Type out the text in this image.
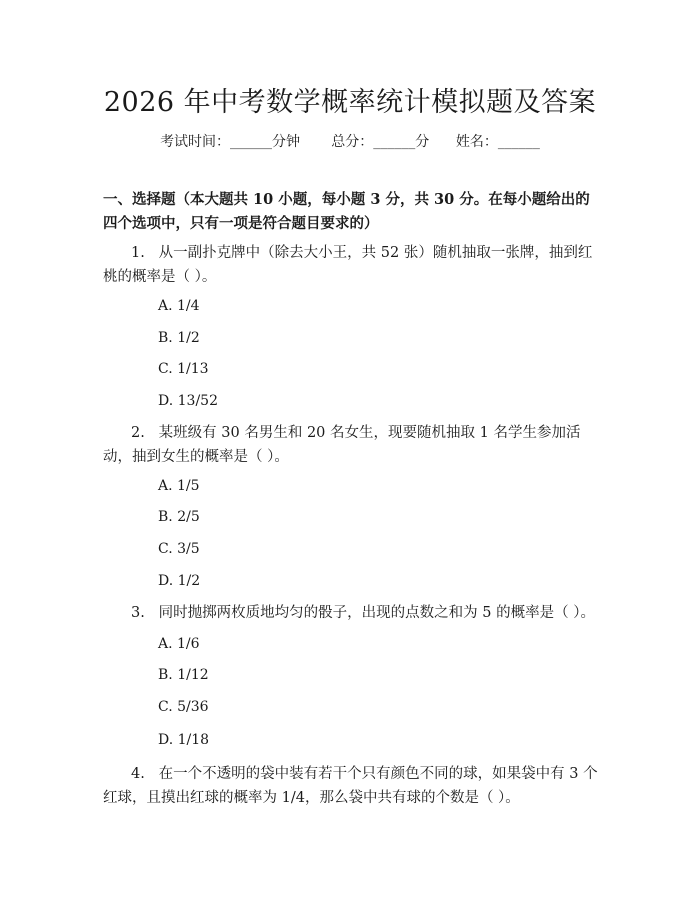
2026 年中考数学概率统计模拟题及答案
考试时间：______分钟 总分：______分 姓名：______
一、选择题（本大题共 10 小题，每小题 3 分，共 30 分。在每小题给出的四个选项中，只有一项是符合题目要求的）
1. 从一副扑克牌中（除去大小王，共 52 张）随机抽取一张牌，抽到红桃的概率是（ ）。
A. 1/4
B. 1/2
C. 1/13
D. 13/52
2. 某班级有 30 名男生和 20 名女生，现要随机抽取 1 名学生参加活动，抽到女生的概率是（ ）。
A. 1/5
B. 2/5
C. 3/5
D. 1/2
3. 同时抛掷两枚质地均匀的骰子，出现的点数之和为 5 的概率是（ ）。
A. 1/6
B. 1/12
C. 5/36
D. 1/18
4. 在一个不透明的袋中装有若干个只有颜色不同的球，如果袋中有 3 个红球，且摸出红球的概率为 1/4，那么袋中共有球的个数是（ ）。
